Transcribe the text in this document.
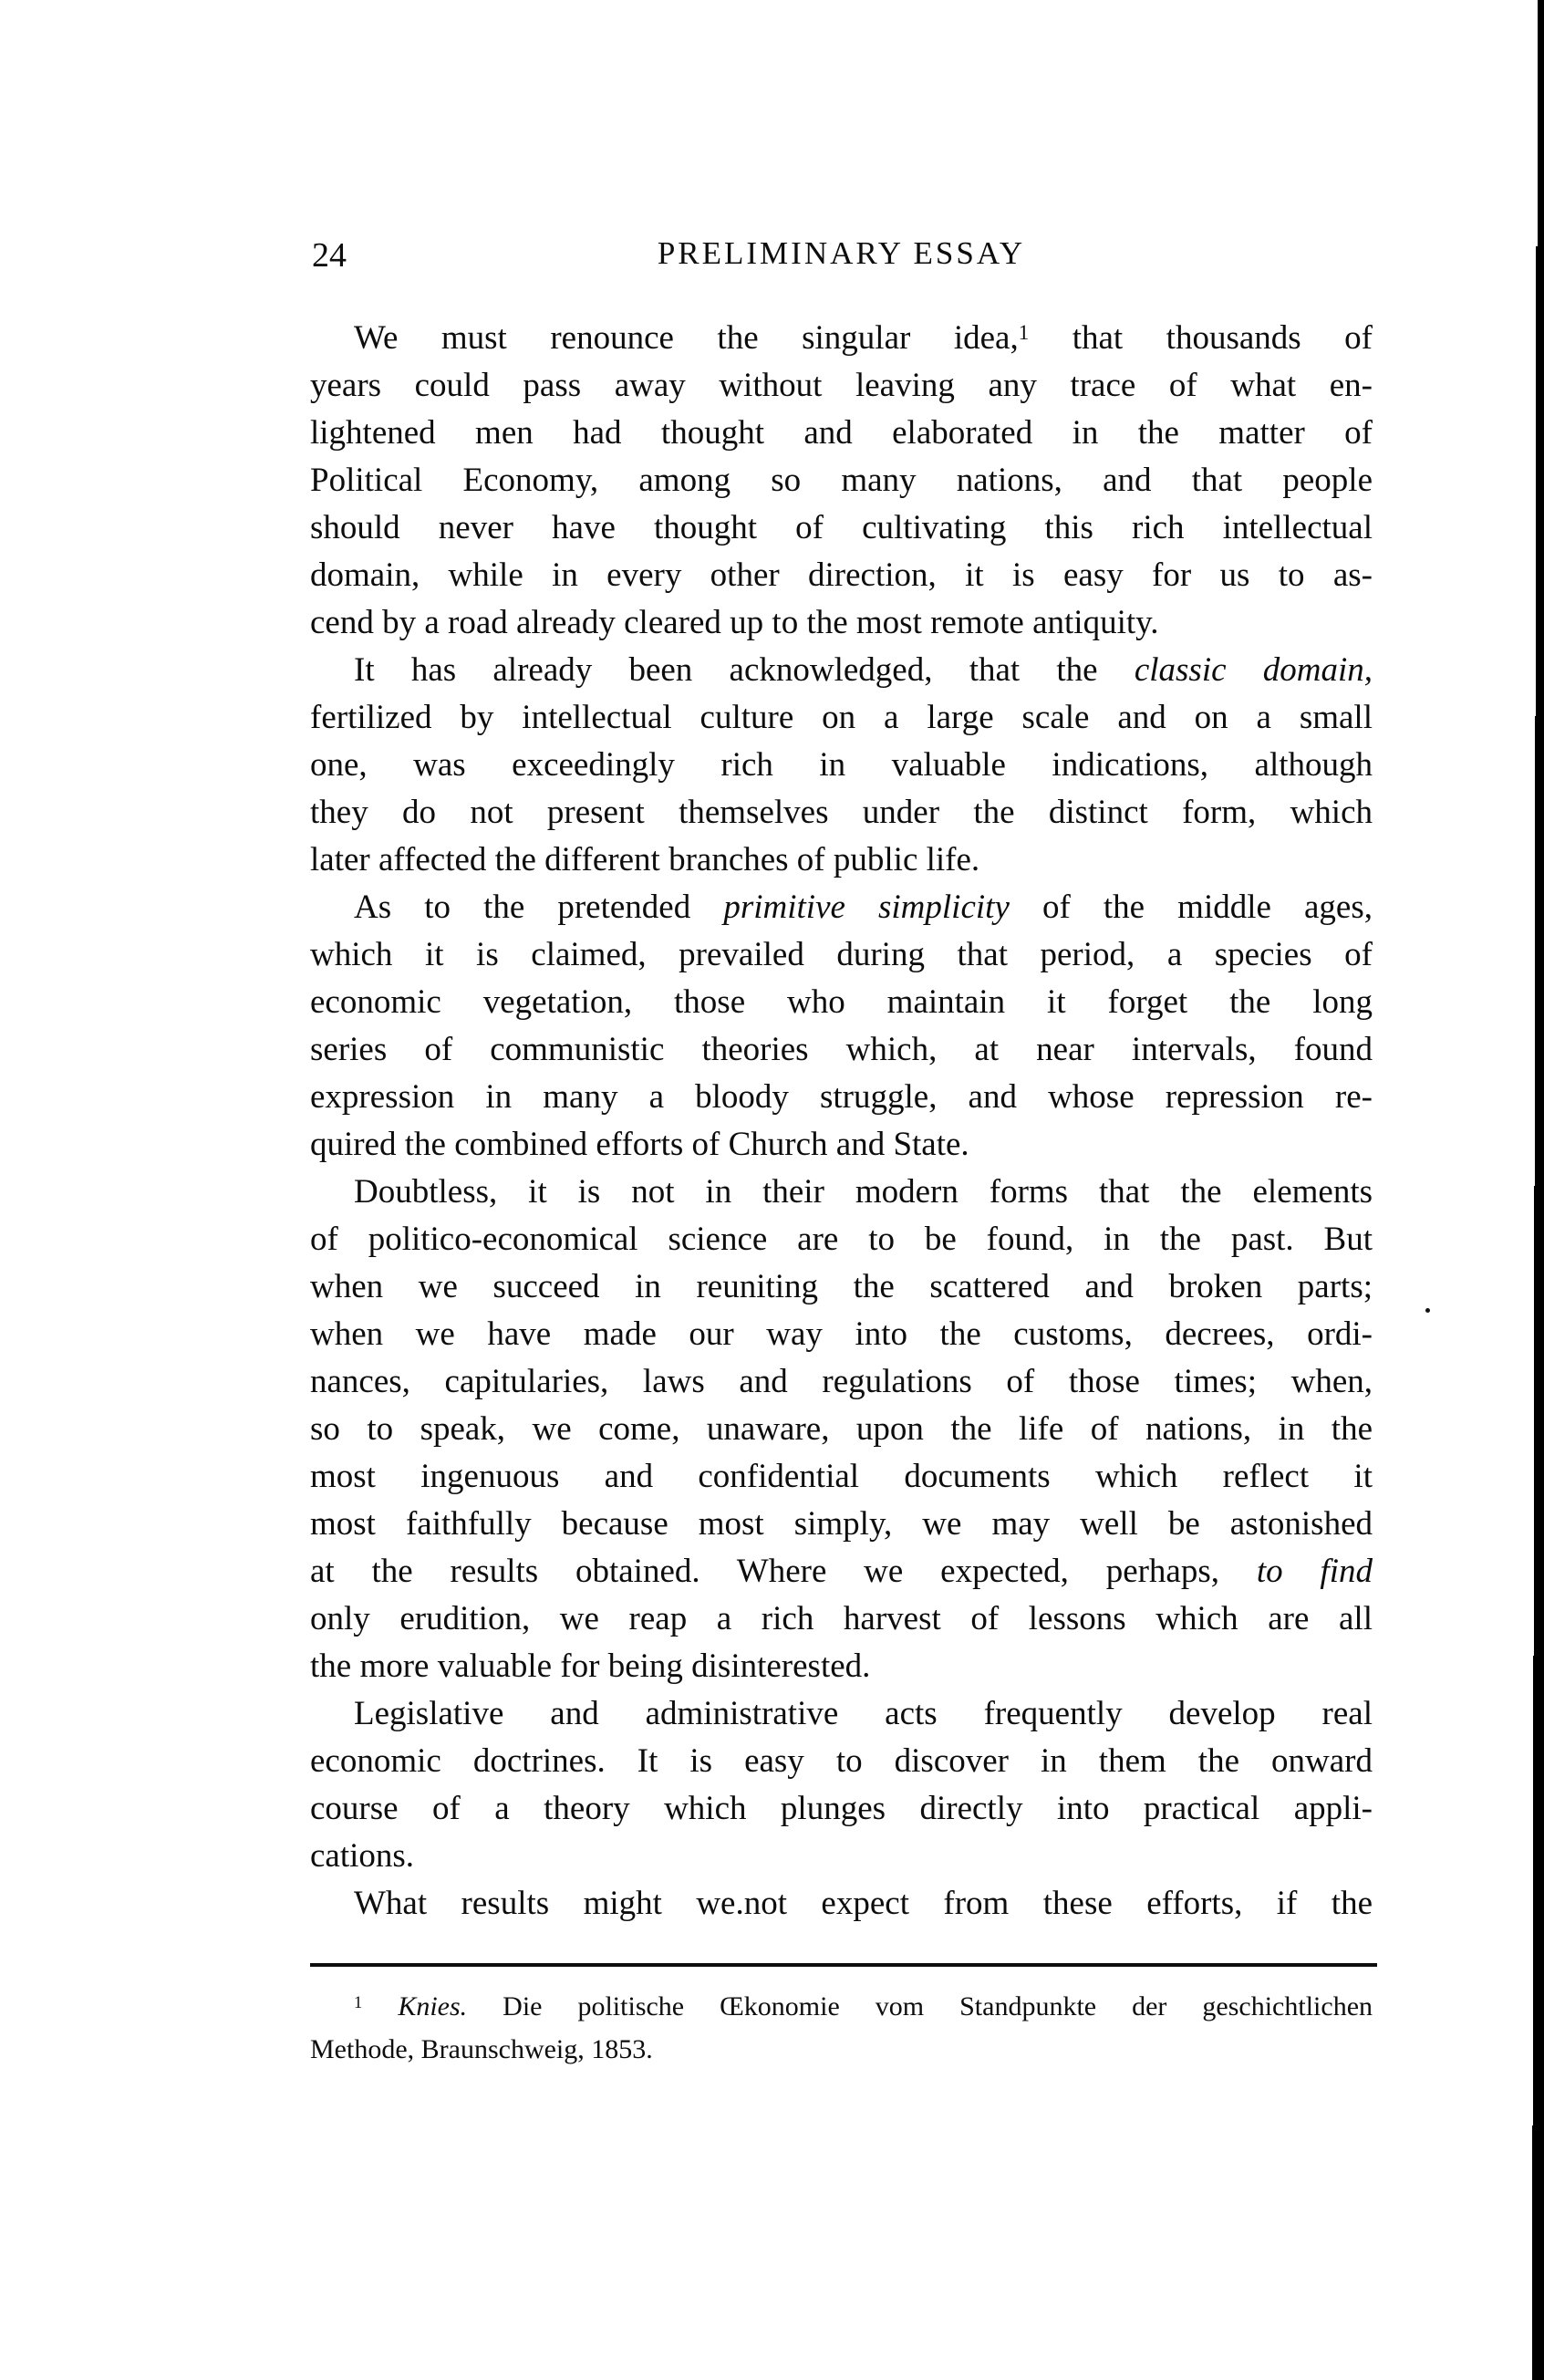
24	PRELIMINARY ESSAY
We must renounce the singular idea,$^1$ that thousands of
years could pass away without leaving any trace of what en-
lightened men had thought and elaborated in the matter of
Political Economy, among so many nations, and that people
should never have thought of cultivating this rich intellectual
domain, while in every other direction, it is easy for us to as-
cend by a road already cleared up to the most remote antiquity.
It has already been acknowledged, that the classic domain,
fertilized by intellectual culture on a large scale and on a small
one, was exceedingly rich in valuable indications, although
they do not present themselves under the distinct form, which
later affected the different branches of public life.
As to the pretended primitive simplicity of the middle ages,
which it is claimed, prevailed during that period, a species of
economic vegetation, those who maintain it forget the long
series of communistic theories which, at near intervals, found
expression in many a bloody struggle, and whose repression re-
quired the combined efforts of Church and State.
Doubtless, it is not in their modern forms that the elements
of politico-economical science are to be found, in the past. But
when we succeed in reuniting the scattered and broken parts;
when we have made our way into the customs, decrees, ordi-
nances, capitularies, laws and regulations of those times; when,
so to speak, we come, unaware, upon the life of nations, in the
most ingenuous and confidential documents which reflect it
most faithfully because most simply, we may well be astonished
at the results obtained. Where we expected, perhaps, to find
only erudition, we reap a rich harvest of lessons which are all
the more valuable for being disinterested.
Legislative and administrative acts frequently develop real
economic doctrines. It is easy to discover in them the onward
course of a theory which plunges directly into practical appli-
cations.
What results might we.not expect from these efforts, if the
$^1$ Knies. Die politische Œkonomie vom Standpunkte der geschichtlichen
Methode, Braunschweig, 1853.
